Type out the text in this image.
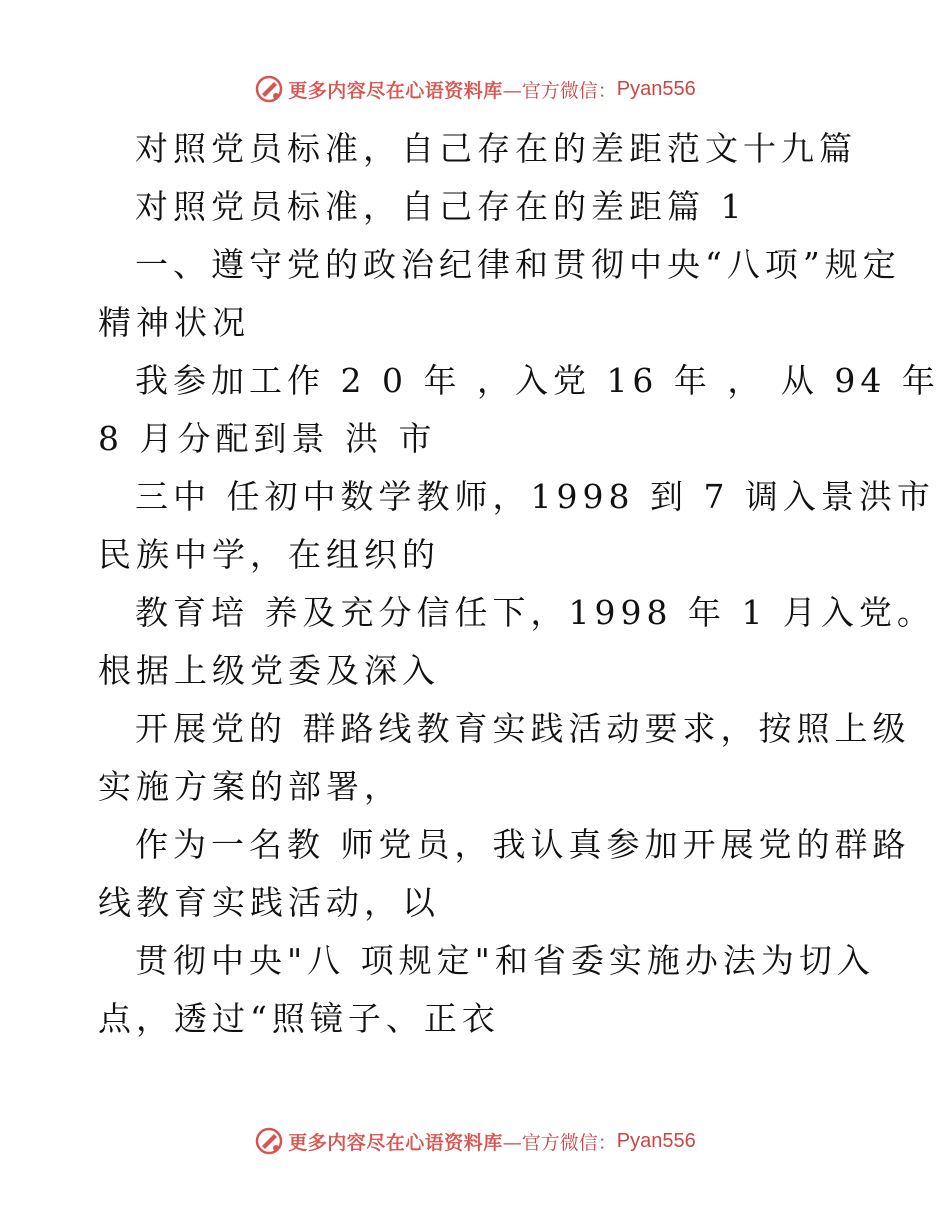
更多内容尽在心语资料库 —官方微信： Pyan556
对照党员标准，自己存在的差距范文十九篇
对照党员标准，自己存在的差距篇 1
一、遵守党的政治纪律和贯彻中央“八项”规定
精神状况
我参加工作 2 0 年 ，入党 16 年 ， 从 94 年
8 月分配到景 洪 市
三中 任初中数学教师，1998 到 7 调入景洪市
民族中学，在组织的
教育培 养及充分信任下，1998 年 1 月入党。
根据上级党委及深入
开展党的 群路线教育实践活动要求，按照上级
实施方案的部署，
作为一名教 师党员，我认真参加开展党的群路
线教育实践活动，以
贯彻中央"八 项规定"和省委实施办法为切入
点，透过“照镜子、正衣
更多内容尽在心语资料库 —官方微信： Pyan556
